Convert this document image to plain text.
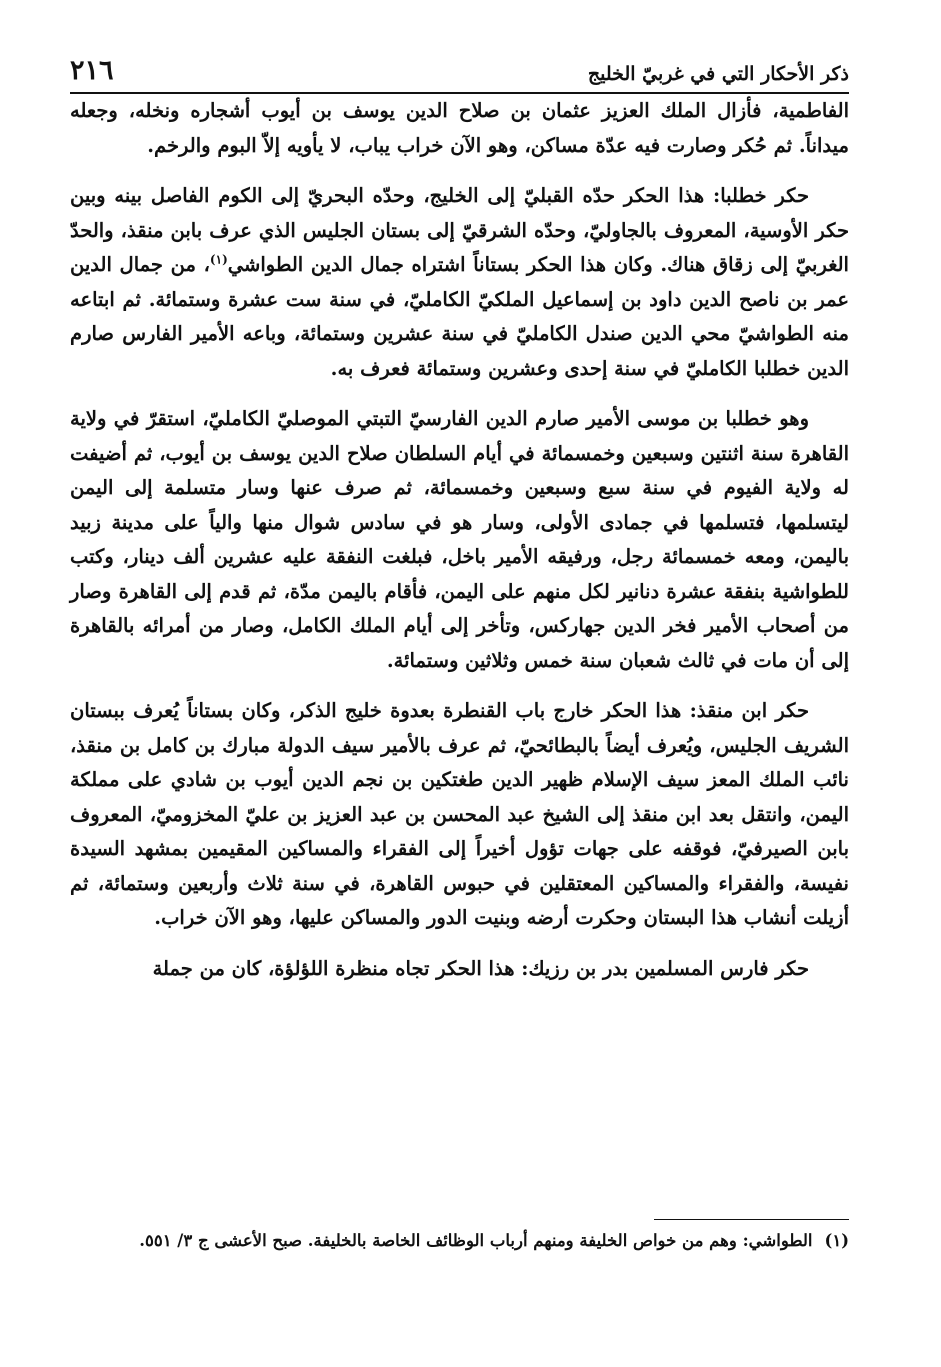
ذكر الأحكار التي في غربيّ الخليج
٢١٦

الفاطمية، فأزال الملك العزيز عثمان بن صلاح الدين يوسف بن أيوب أشجاره ونخله، وجعله ميداناً. ثم حُكر وصارت فيه عدّة مساكن، وهو الآن خراب يباب، لا يأويه إلاّ البوم والرخم.

حكر خطلبا: هذا الحكر حدّه القبليّ إلى الخليج، وحدّه البحريّ إلى الكوم الفاصل بينه وبين حكر الأوسية، المعروف بالجاوليّ، وحدّه الشرقيّ إلى بستان الجليس الذي عرف بابن منقذ، والحدّ الغربيّ إلى زقاق هناك. وكان هذا الحكر بستاناً اشتراه جمال الدين الطواشي$^{(١)}$، من جمال الدين عمر بن ناصح الدين داود بن إسماعيل الملكيّ الكامليّ، في سنة ست عشرة وستمائة. ثم ابتاعه منه الطواشيّ محي الدين صندل الكامليّ في سنة عشرين وستمائة، وباعه الأمير الفارس صارم الدين خطلبا الكامليّ في سنة إحدى وعشرين وستمائة فعرف به.

وهو خطلبا بن موسى الأمير صارم الدين الفارسيّ التبتي الموصليّ الكامليّ، استقرّ في ولاية القاهرة سنة اثنتين وسبعين وخمسمائة في أيام السلطان صلاح الدين يوسف بن أيوب، ثم أضيفت له ولاية الفيوم في سنة سبع وسبعين وخمسمائة، ثم صرف عنها وسار متسلمة إلى اليمن ليتسلمها، فتسلمها في جمادى الأولى، وسار هو في سادس شوال منها والياً على مدينة زبيد باليمن، ومعه خمسمائة رجل، ورفيقه الأمير باخل، فبلغت النفقة عليه عشرين ألف دينار، وكتب للطواشية بنفقة عشرة دنانير لكل منهم على اليمن، فأقام باليمن مدّة، ثم قدم إلى القاهرة وصار من أصحاب الأمير فخر الدين جهاركس، وتأخر إلى أيام الملك الكامل، وصار من أمرائه بالقاهرة إلى أن مات في ثالث شعبان سنة خمس وثلاثين وستمائة.

حكر ابن منقذ: هذا الحكر خارج باب القنطرة بعدوة خليج الذكر، وكان بستاناً يُعرف ببستان الشريف الجليس، ويُعرف أيضاً بالبطائحيّ، ثم عرف بالأمير سيف الدولة مبارك بن كامل بن منقذ، نائب الملك المعز سيف الإسلام ظهير الدين طغتكين بن نجم الدين أيوب بن شادي على مملكة اليمن، وانتقل بعد ابن منقذ إلى الشيخ عبد المحسن بن عبد العزيز بن عليّ المخزوميّ، المعروف بابن الصيرفيّ، فوقفه على جهات تؤول أخيراً إلى الفقراء والمساكين المقيمين بمشهد السيدة نفيسة، والفقراء والمساكين المعتقلين في حبوس القاهرة، في سنة ثلاث وأربعين وستمائة، ثم أزيلت أنشاب هذا البستان وحكرت أرضه وبنيت الدور والمساكن عليها، وهو الآن خراب.

حكر فارس المسلمين بدر بن رزيك: هذا الحكر تجاه منظرة اللؤلؤة، كان من جملة

(١)الطواشي: وهم من خواص الخليفة ومنهم أرباب الوظائف الخاصة بالخليفة. صبح الأعشى ج ٣/ ٥٥١.
